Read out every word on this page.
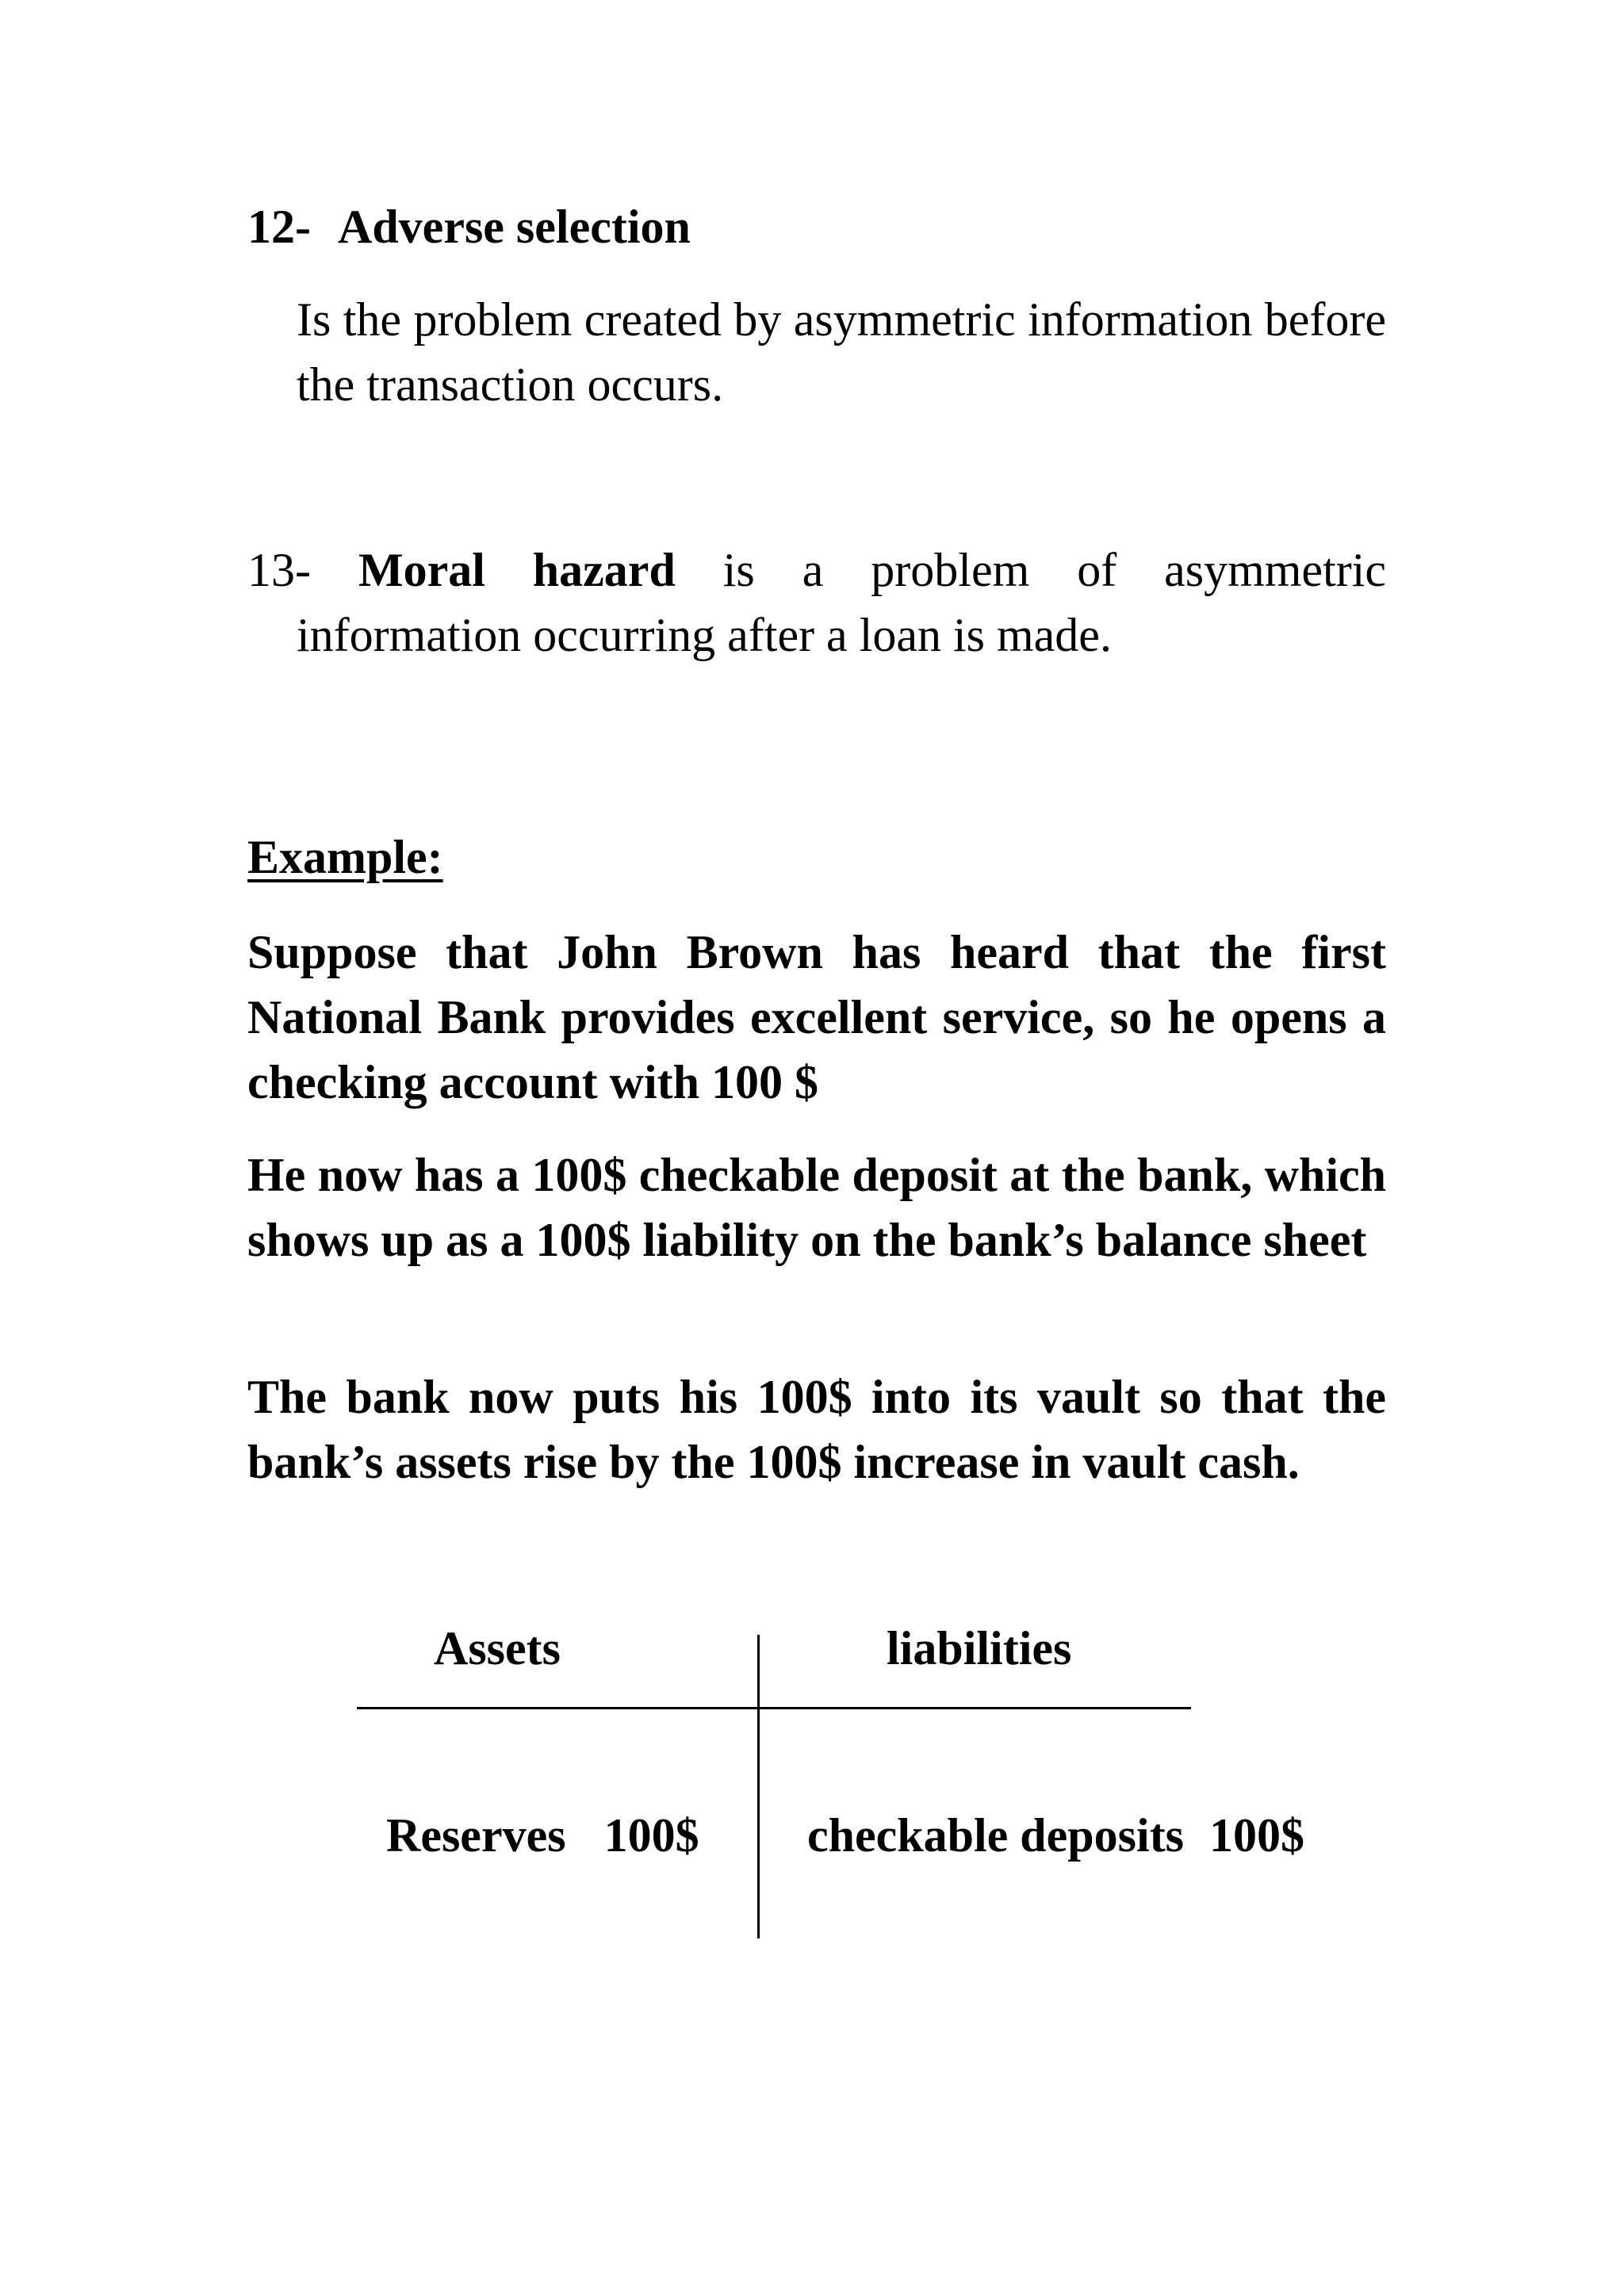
12- Adverse selection
Is the problem created by asymmetric information before the transaction occurs.
13- Moral hazard is a problem of asymmetric
information occurring after a loan is made.
Example:
Suppose that John Brown has heard that the first National Bank provides excellent service, so he opens a checking account with 100 $
He now has a 100$ checkable deposit at the bank, which shows up as a 100$ liability on the bank’s balance sheet
The bank now puts his 100$ into its vault so that the bank’s assets rise by the 100$ increase in vault cash.
Assets	liabilities
Reserves 100$ checkable deposits 100$
